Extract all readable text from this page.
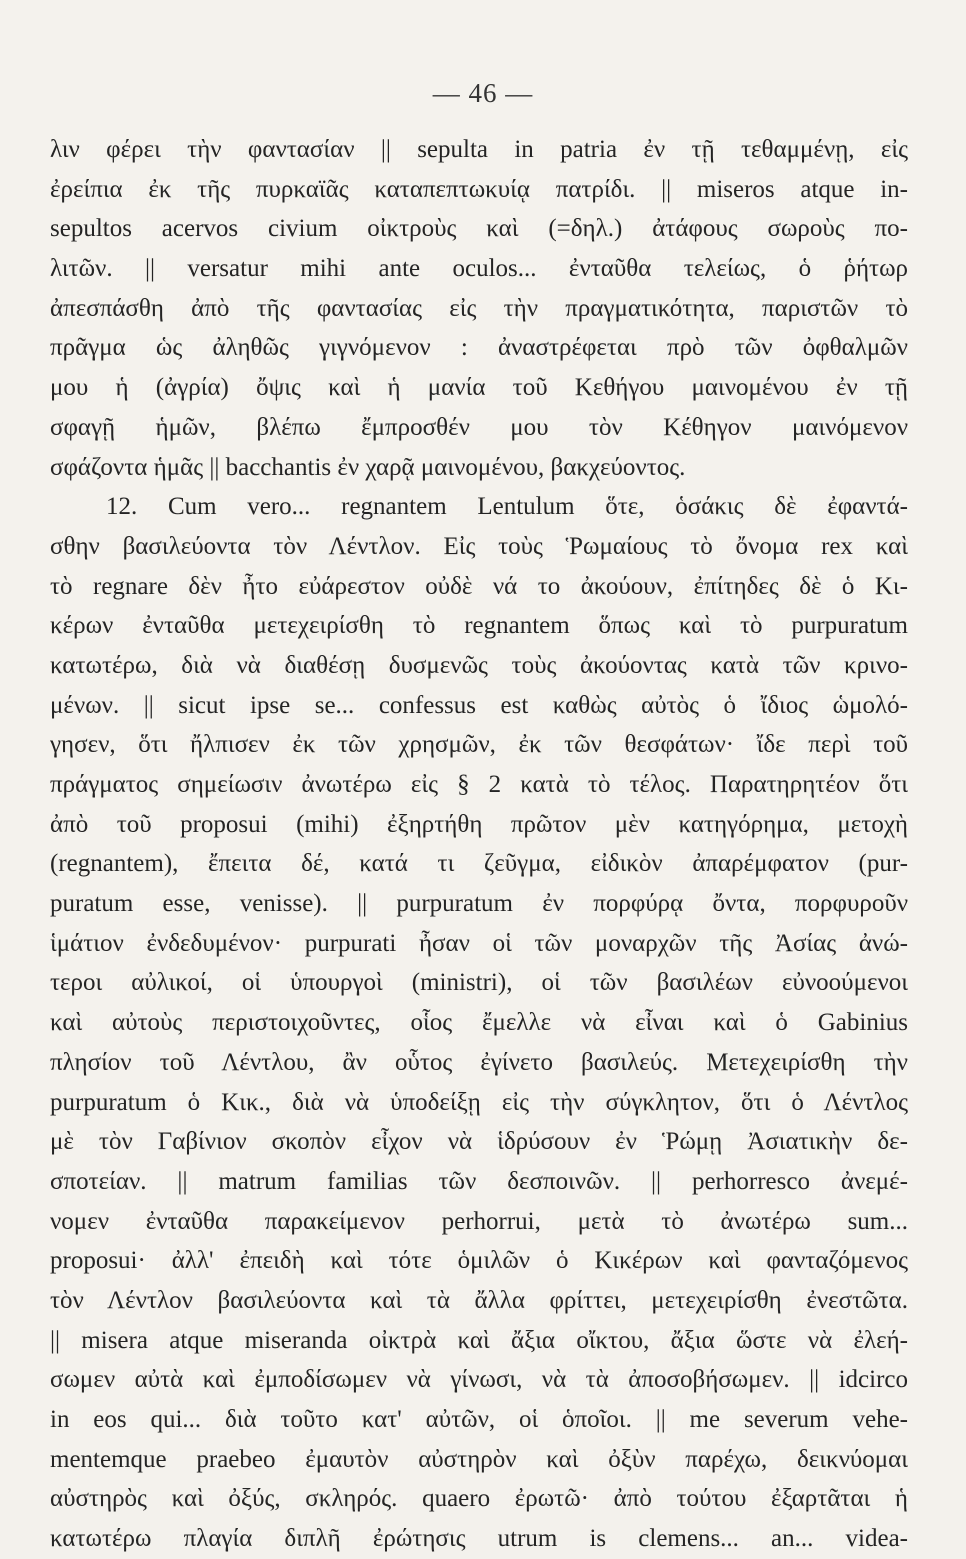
— 46 —
λιν φέρει τὴν φαντασίαν || sepulta in patria ἐν τῇ τεθαμμένῃ, εἰς
ἐρείπια ἐκ τῆς πυρκαϊᾶς καταπεπτωκυίᾳ πατρίδι. || miseros atque in-
sepultos acervos civium οἰκτροὺς καὶ (=δηλ.) ἀτάφους σωροὺς πο-
λιτῶν. || versatur mihi ante oculos... ἐνταῦθα τελείως, ὁ ῥήτωρ
ἀπεσπάσθη ἀπὸ τῆς φαντασίας εἰς τὴν πραγματικότητα, παριστῶν τὸ
πρᾶγμα ὡς ἀληθῶς γιγνόμενον : ἀναστρέφεται πρὸ τῶν ὀφθαλμῶν
μου ἡ (ἀγρία) ὄψις καὶ ἡ μανία τοῦ Κεθήγου μαινομένου ἐν τῇ
σφαγῇ ἡμῶν, βλέπω ἔμπροσθέν μου τὸν Κέθηγον μαινόμενον
σφάζοντα ἡμᾶς || bacchantis ἐν χαρᾷ μαινομένου, βακχεύοντος.
12. Cum vero... regnantem Lentulum ὅτε, ὁσάκις δὲ ἐφαντά-
σθην βασιλεύοντα τὸν Λέντλον. Εἰς τοὺς Ῥωμαίους τὸ ὄνομα rex καὶ
τὸ regnare δὲν ἦτο εὐάρεστον οὐδὲ νά το ἀκούουν, ἐπίτηδες δὲ ὁ Κι-
κέρων ἐνταῦθα μετεχειρίσθη τὸ regnantem ὅπως καὶ τὸ purpuratum
κατωτέρω, διὰ νὰ διαθέσῃ δυσμενῶς τοὺς ἀκούοντας κατὰ τῶν κρινο-
μένων. || sicut ipse se... confessus est καθὼς αὐτὸς ὁ ἴδιος ὡμολό-
γησεν, ὅτι ἤλπισεν ἐκ τῶν χρησμῶν, ἐκ τῶν θεσφάτων· ἴδε περὶ τοῦ
πράγματος σημείωσιν ἀνωτέρω εἰς § 2 κατὰ τὸ τέλος. Παρατηρητέον ὅτι
ἀπὸ τοῦ proposui (mihi) ἐξηρτήθη πρῶτον μὲν κατηγόρημα, μετοχὴ
(regnantem), ἔπειτα δέ, κατά τι ζεῦγμα, εἰδικὸν ἀπαρέμφατον (pur-
puratum esse, venisse). || purpuratum ἐν πορφύρᾳ ὄντα, πορφυροῦν
ἱμάτιον ἐνδεδυμένον· purpurati ἦσαν οἱ τῶν μοναρχῶν τῆς Ἀσίας ἀνώ-
τεροι αὐλικοί, οἱ ὑπουργοὶ (ministri), οἱ τῶν βασιλέων εὐνοούμενοι
καὶ αὐτοὺς περιστοιχοῦντες, οἷος ἔμελλε νὰ εἶναι καὶ ὁ Gabinius
πλησίον τοῦ Λέντλου, ἂν οὗτος ἐγίνετο βασιλεύς. Μετεχειρίσθη τὴν
purpuratum ὁ Κικ., διὰ νὰ ὑποδείξῃ εἰς τὴν σύγκλητον, ὅτι ὁ Λέντλος
μὲ τὸν Γαβίνιον σκοπὸν εἶχον νὰ ἱδρύσουν ἐν Ῥώμῃ Ἀσιατικὴν δε-
σποτείαν. || matrum familias τῶν δεσποινῶν. || perhorresco ἀνεμέ-
νομεν ἐνταῦθα παρακείμενον perhorrui, μετὰ τὸ ἀνωτέρω sum...
proposui· ἀλλ' ἐπειδὴ καὶ τότε ὁμιλῶν ὁ Κικέρων καὶ φανταζόμενος
τὸν Λέντλον βασιλεύοντα καὶ τὰ ἄλλα φρίττει, μετεχειρίσθη ἐνεστῶτα.
|| misera atque miseranda οἰκτρὰ καὶ ἄξια οἴκτου, ἄξια ὥστε νὰ ἐλεή-
σωμεν αὐτὰ καὶ ἐμποδίσωμεν νὰ γίνωσι, νὰ τὰ ἀποσοβήσωμεν. || idcirco
in eos qui... διὰ τοῦτο κατ' αὐτῶν, οἱ ὁποῖοι. || me severum vehe-
mentemque praebeo ἐμαυτὸν αὐστηρὸν καὶ ὀξὺν παρέχω, δεικνύομαι
αὐστηρὸς καὶ ὀξύς, σκληρός. quaero ἐρωτῶ· ἀπὸ τούτου ἐξαρτᾶται ἡ
κατωτέρω πλαγία διπλῆ ἐρώτησις utrum is clemens... an... videa-
